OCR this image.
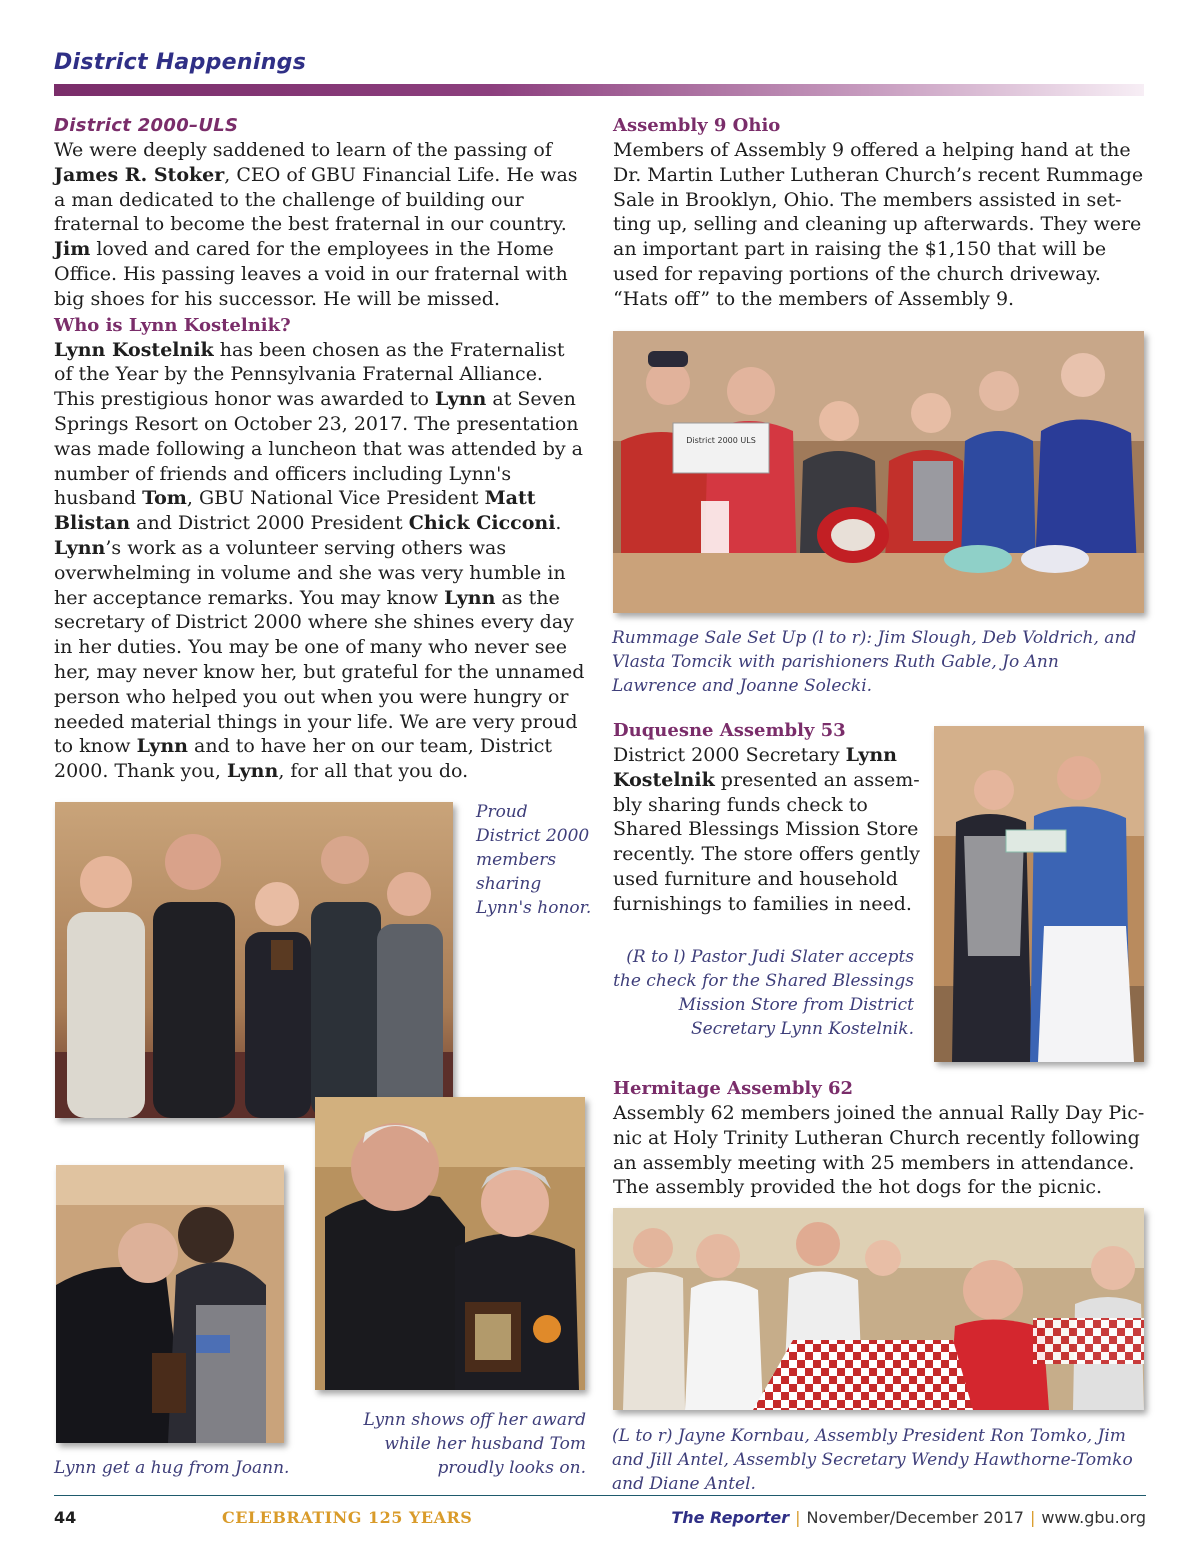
District Happenings
District 2000–ULS

We were deeply saddened to learn of the passing of James R. Stoker, CEO of GBU Financial Life. He was a man dedicated to the challenge of building our fraternal to become the best fraternal in our country. Jim loved and cared for the employees in the Home Office. His passing leaves a void in our fraternal with big shoes for his successor. He will be missed.

Who is Lynn Kostelnik?

Lynn Kostelnik has been chosen as the Fraternalist of the Year by the Pennsylvania Fraternal Alliance. This prestigious honor was awarded to Lynn at Seven Springs Resort on October 23, 2017. The presentation was made following a luncheon that was attended by a number of friends and officers including Lynn's husband Tom, GBU National Vice President Matt Blistan and District 2000 President Chick Cicconi. Lynn’s work as a volunteer serving others was overwhelming in volume and she was very humble in her acceptance remarks. You may know Lynn as the secretary of District 2000 where she shines every day in her duties. You may be one of many who never see her, may never know her, but grateful for the unnamed person who helped you out when you were hungry or needed material things in your life. We are very proud to know Lynn and to have her on our team, District 2000. Thank you, Lynn, for all that you do.

Proud District 2000 members sharing Lynn's honor.
Lynn shows off her award while her husband Tom proudly looks on.
Lynn get a hug from Joann.
Assembly 9 Ohio

Members of Assembly 9 offered a helping hand at the Dr. Martin Luther Lutheran Church’s recent Rummage Sale in Brooklyn, Ohio. The members assisted in setting up, selling and cleaning up afterwards. They were an important part in raising the $1,150 that will be used for repaving portions of the church driveway. “Hats off” to the members of Assembly 9.

District 2000 ULS
Rummage Sale Set Up (l to r): Jim Slough, Deb Voldrich, and Vlasta Tomcik with parishioners Ruth Gable, Jo Ann Lawrence and Joanne Solecki.
Duquesne Assembly 53

District 2000 Secretary Lynn Kostelnik presented an assembly sharing funds check to Shared Blessings Mission Store recently. The store offers gently used furniture and household furnishings to families in need.

(R to l) Pastor Judi Slater accepts the check for the Shared Blessings Mission Store from District Secretary Lynn Kostelnik.
Hermitage Assembly 62

Assembly 62 members joined the annual Rally Day Picnic at Holy Trinity Lutheran Church recently following an assembly meeting with 25 members in attendance. The assembly provided the hot dogs for the picnic.

(L to r) Jayne Kornbau, Assembly President Ron Tomko, Jim and Jill Antel, Assembly Secretary Wendy Hawthorne-Tomko and Diane Antel.
44	CELEBRATING 125 YEARS	The Reporter | November/December 2017 | www.gbu.org
